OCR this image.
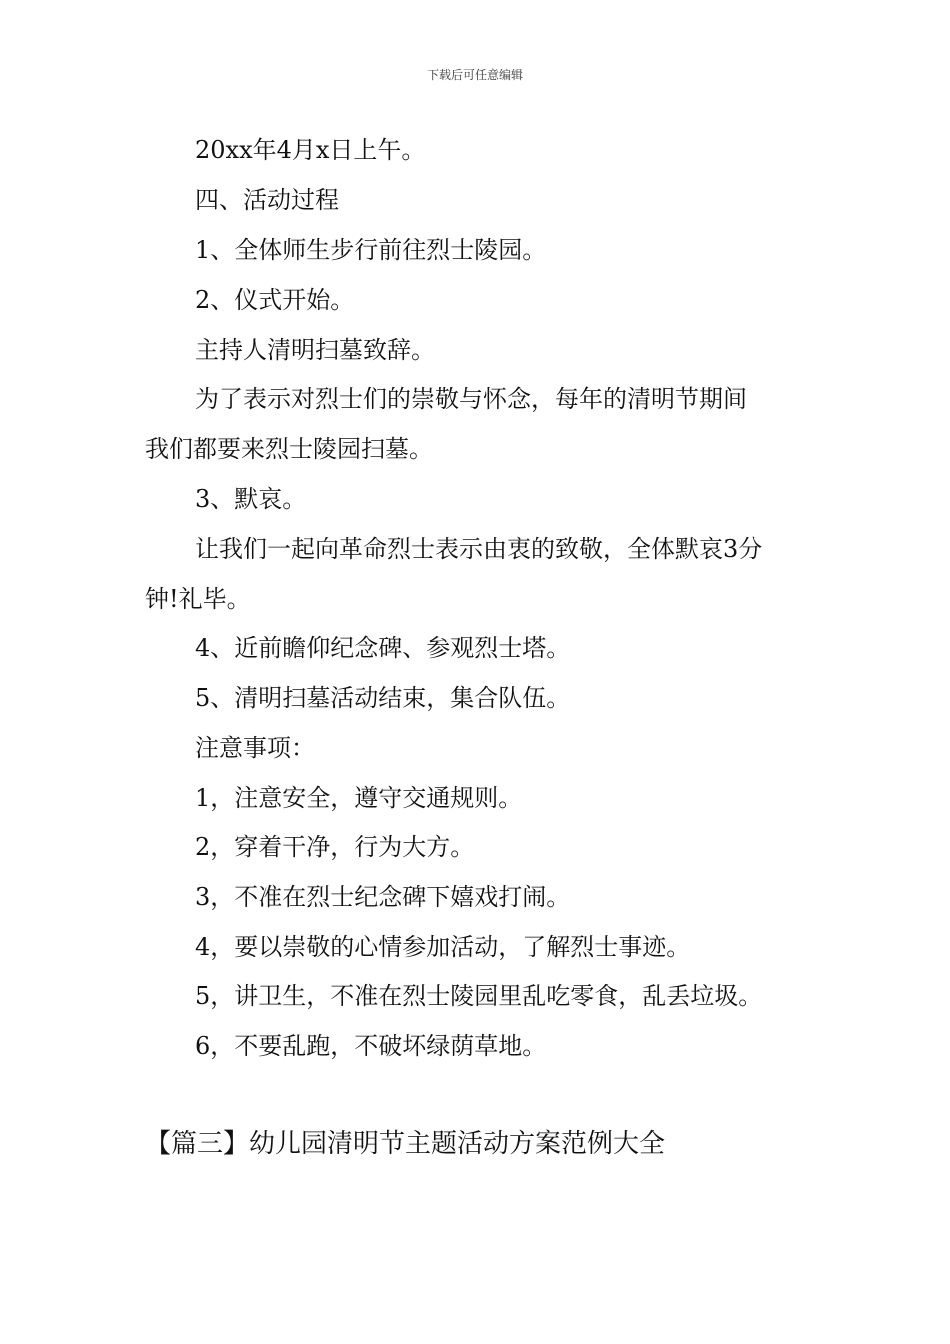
下载后可任意编辑
20xx年4月x日上午。
四、活动过程
1、全体师生步行前往烈士陵园。
2、仪式开始。
主持人清明扫墓致辞。
为了表示对烈士们的崇敬与怀念，每年的清明节期间
我们都要来烈士陵园扫墓。
3、默哀。
让我们一起向革命烈士表示由衷的致敬，全体默哀3分
钟!礼毕。
4、近前瞻仰纪念碑、参观烈士塔。
5、清明扫墓活动结束，集合队伍。
注意事项：
1，注意安全，遵守交通规则。
2，穿着干净，行为大方。
3，不准在烈士纪念碑下嬉戏打闹。
4，要以崇敬的心情参加活动，了解烈士事迹。
5，讲卫生，不准在烈士陵园里乱吃零食，乱丢垃圾。
6，不要乱跑，不破坏绿荫草地。
【篇三】幼儿园清明节主题活动方案范例大全
